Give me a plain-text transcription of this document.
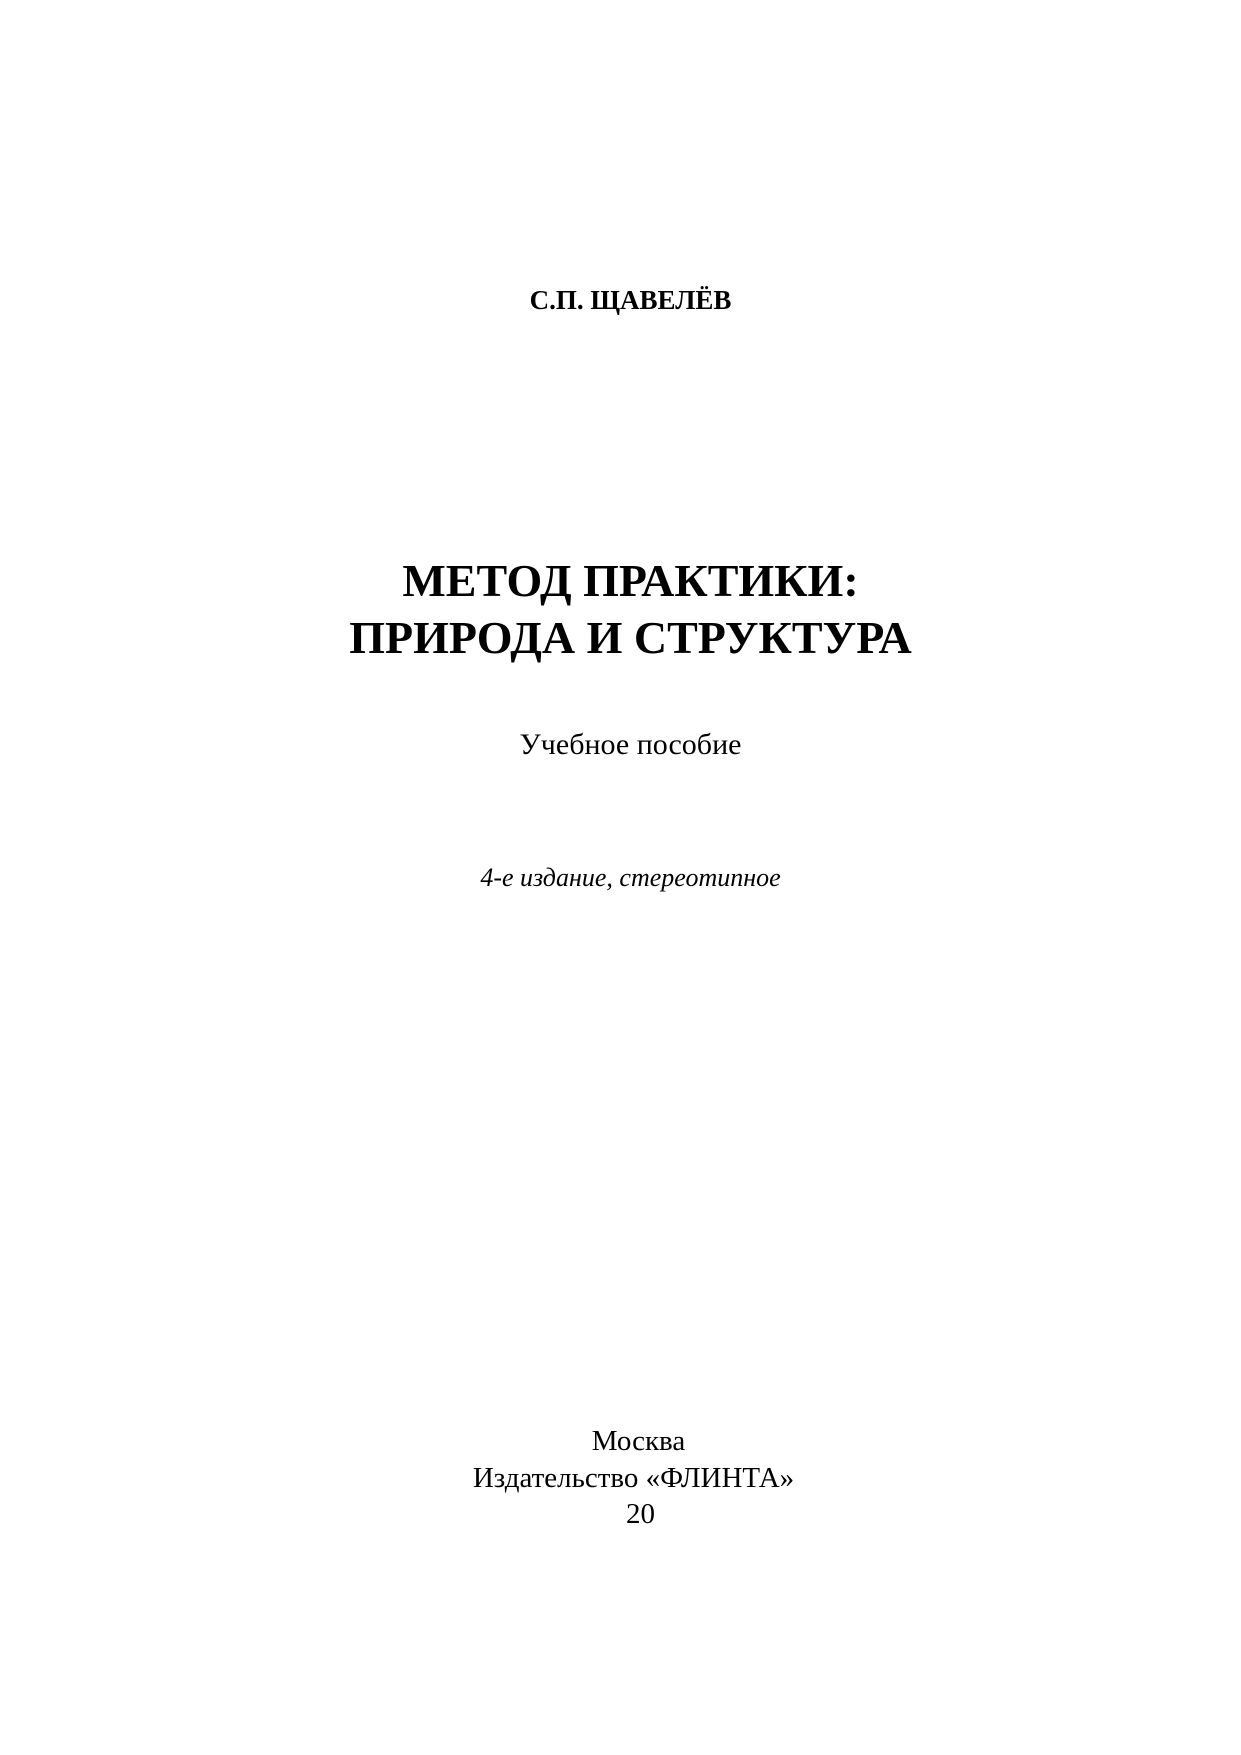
С.П. ЩАВЕЛЁВ
МЕТОД ПРАКТИКИ:
ПРИРОДА И СТРУКТУРА
Учебное пособие
4-е издание, стереотипное
Москва
Издательство «ФЛИНТА»
20
